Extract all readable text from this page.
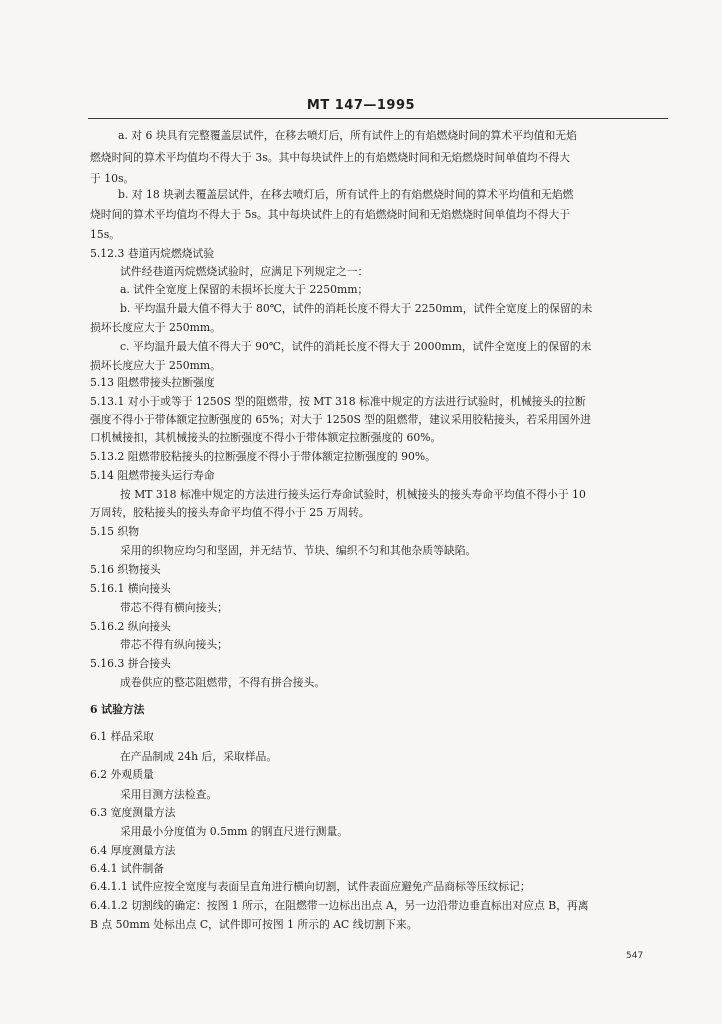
MT 147—1995
a. 对 6 块具有完整覆盖层试件，在移去喷灯后，所有试件上的有焰燃烧时间的算术平均值和无焰
燃烧时间的算术平均值均不得大于 3s。其中每块试件上的有焰燃烧时间和无焰燃烧时间单值均不得大
于 10s。
b. 对 18 块剥去覆盖层试件，在移去喷灯后，所有试件上的有焰燃烧时间的算术平均值和无焰燃
烧时间的算术平均值均不得大于 5s。其中每块试件上的有焰燃烧时间和无焰燃烧时间单值均不得大于
15s。
5.12.3 巷道丙烷燃烧试验
试件经巷道丙烷燃烧试验时，应满足下列规定之一：
a. 试件全宽度上保留的未损坏长度大于 2250mm；
b. 平均温升最大值不得大于 80℃，试件的消耗长度不得大于 2250mm，试件全宽度上的保留的未
损坏长度应大于 250mm。
c. 平均温升最大值不得大于 90℃，试件的消耗长度不得大于 2000mm，试件全宽度上的保留的未
损坏长度应大于 250mm。
5.13 阻燃带接头拉断强度
5.13.1 对小于或等于 1250S 型的阻燃带，按 MT 318 标准中规定的方法进行试验时，机械接头的拉断
强度不得小于带体额定拉断强度的 65%；对大于 1250S 型的阻燃带，建议采用胶粘接头，若采用国外进
口机械接扣，其机械接头的拉断强度不得小于带体额定拉断强度的 60%。
5.13.2 阻燃带胶粘接头的拉断强度不得小于带体额定拉断强度的 90%。
5.14 阻燃带接头运行寿命
按 MT 318 标准中规定的方法进行接头运行寿命试验时，机械接头的接头寿命平均值不得小于 10
万周转，胶粘接头的接头寿命平均值不得小于 25 万周转。
5.15 织物
采用的织物应均匀和坚固，并无结节、节块、编织不匀和其他杂质等缺陷。
5.16 织物接头
5.16.1 横向接头
带芯不得有横向接头；
5.16.2 纵向接头
带芯不得有纵向接头；
5.16.3 拼合接头
成卷供应的整芯阻燃带，不得有拼合接头。
6 试验方法
6.1 样品采取
在产品制成 24h 后，采取样品。
6.2 外观质量
采用目测方法检查。
6.3 宽度测量方法
采用最小分度值为 0.5mm 的钢直尺进行测量。
6.4 厚度测量方法
6.4.1 试件制备
6.4.1.1 试件应按全宽度与表面呈直角进行横向切割，试件表面应避免产品商标等压纹标记；
6.4.1.2 切割线的确定：按图 1 所示，在阻燃带一边标出出点 A，另一边沿带边垂直标出对应点 B，再离
B 点 50mm 处标出点 C，试件即可按图 1 所示的 AC 线切割下来。
547
